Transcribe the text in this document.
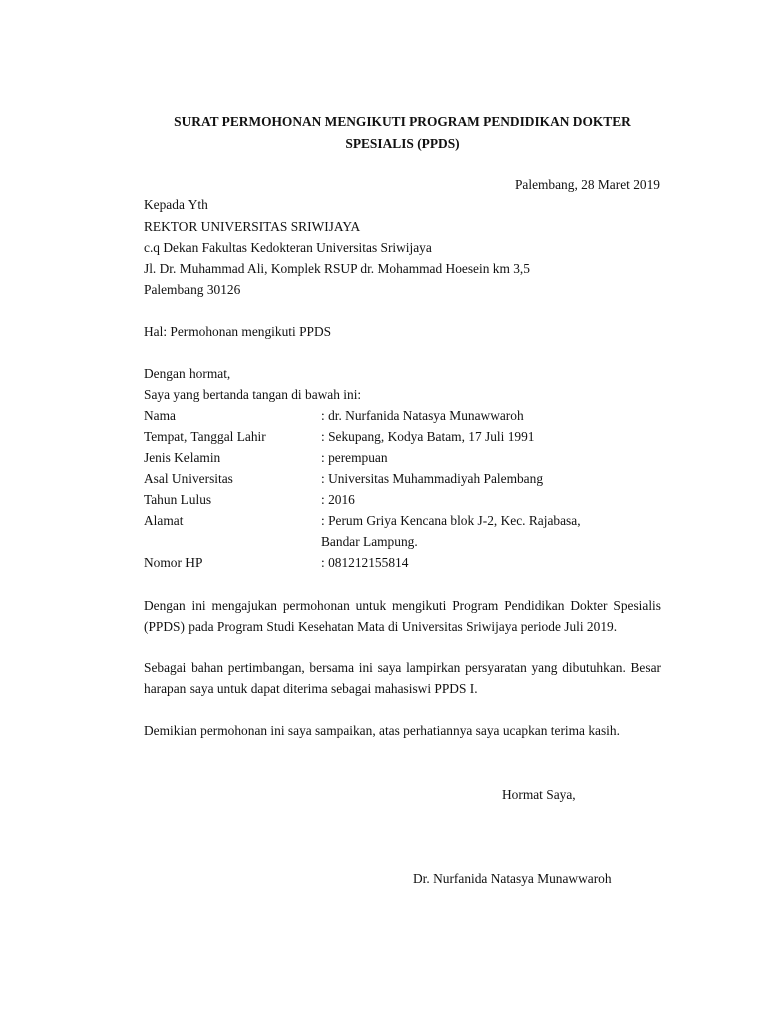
SURAT PERMOHONAN MENGIKUTI PROGRAM PENDIDIKAN DOKTER
SPESIALIS (PPDS)
Palembang, 28 Maret 2019
Kepada Yth
REKTOR UNIVERSITAS SRIWIJAYA
c.q Dekan Fakultas Kedokteran Universitas Sriwijaya
Jl. Dr. Muhammad Ali, Komplek RSUP dr. Mohammad Hoesein km 3,5
Palembang 30126
Hal: Permohonan mengikuti PPDS
Dengan hormat,
Saya yang bertanda tangan di bawah ini:
Nama	: dr. Nurfanida Natasya Munawwaroh
Tempat, Tanggal Lahir	: Sekupang, Kodya Batam, 17 Juli 1991
Jenis Kelamin	: perempuan
Asal Universitas	: Universitas Muhammadiyah Palembang
Tahun Lulus	: 2016
Alamat	: Perum Griya Kencana blok J-2, Kec. Rajabasa,
Bandar Lampung.
Nomor HP	: 081212155814
Dengan ini mengajukan permohonan untuk mengikuti Program Pendidikan Dokter Spesialis (PPDS) pada Program Studi Kesehatan Mata di Universitas Sriwijaya periode Juli 2019.
Sebagai bahan pertimbangan, bersama ini saya lampirkan persyaratan yang dibutuhkan. Besar harapan saya untuk dapat diterima sebagai mahasiswi PPDS I.
Demikian permohonan ini saya sampaikan, atas perhatiannya saya ucapkan terima kasih.
Hormat Saya,
Dr. Nurfanida Natasya Munawwaroh
